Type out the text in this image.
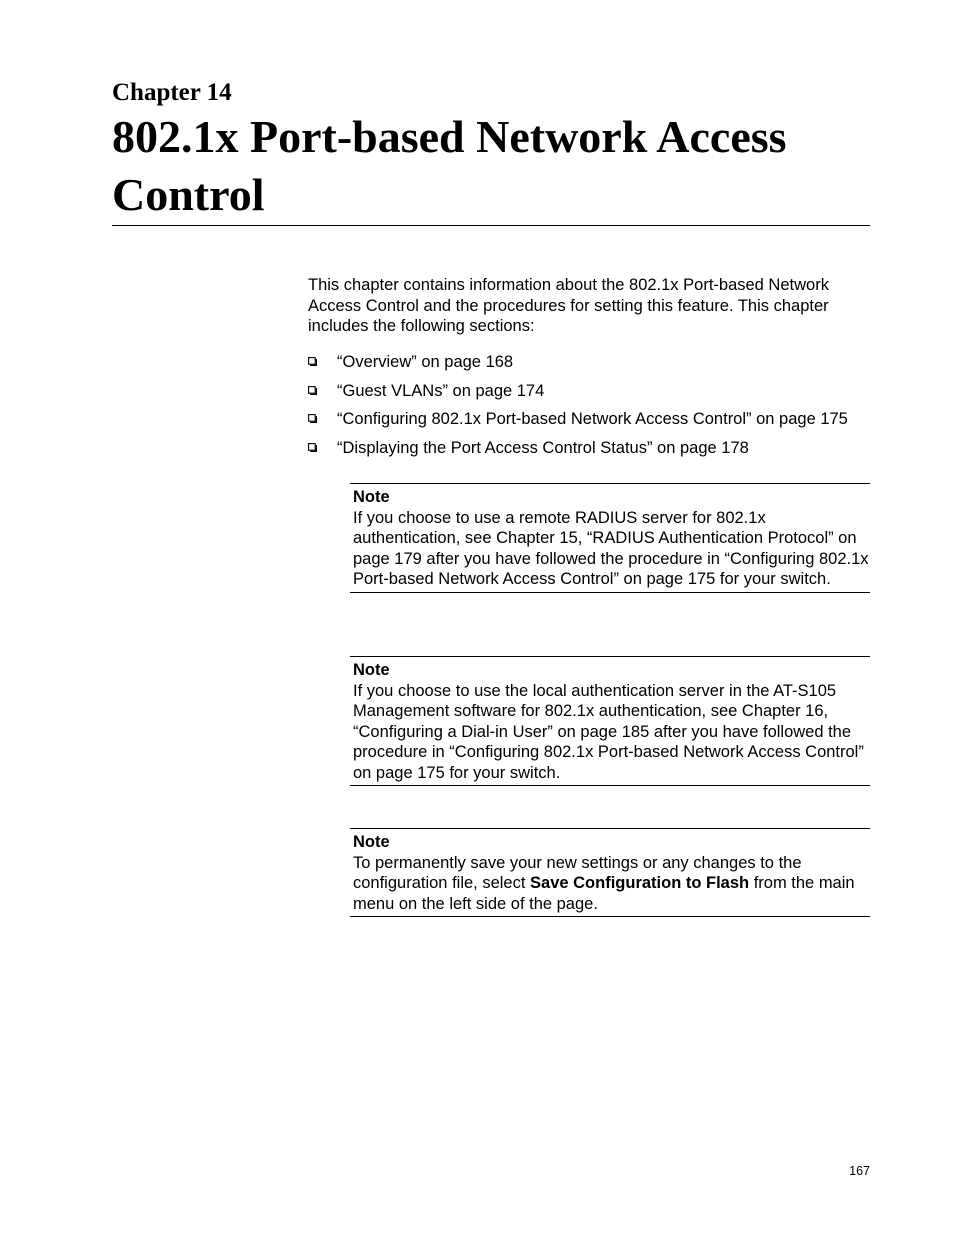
Chapter 14
802.1x Port-based Network Access Control

This chapter contains information about the 802.1x Port-based Network Access Control and the procedures for setting this feature. This chapter includes the following sections:

“Overview” on page 168
“Guest VLANs” on page 174
“Configuring 802.1x Port-based Network Access Control” on page 175
“Displaying the Port Access Control Status” on page 178

Note

If you choose to use a remote RADIUS server for 802.1x authentication, see Chapter 15, “RADIUS Authentication Protocol” on page 179 after you have followed the procedure in “Configuring 802.1x Port-based Network Access Control” on page 175 for your switch.

Note

If you choose to use the local authentication server in the AT-S105 Management software for 802.1x authentication, see Chapter 16, “Configuring a Dial-in User” on page 185 after you have followed the procedure in “Configuring 802.1x Port-based Network Access Control” on page 175 for your switch.

Note

To permanently save your new settings or any changes to the configuration file, select Save Configuration to Flash from the main menu on the left side of the page.

167
